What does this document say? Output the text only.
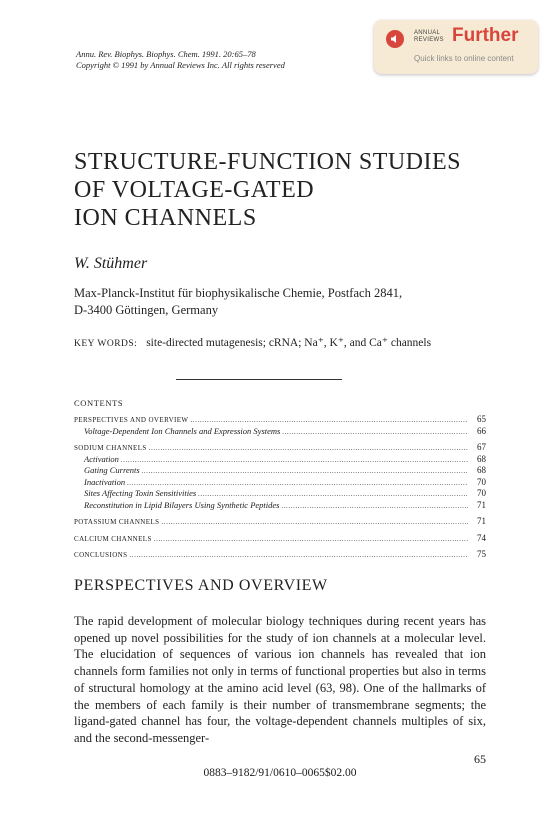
Annu. Rev. Biophys. Biophys. Chem. 1991. 20:65–78
Copyright © 1991 by Annual Reviews Inc. All rights reserved
ANNUAL
REVIEWS Further
Quick links to online content
STRUCTURE-FUNCTION STUDIES
OF VOLTAGE-GATED
ION CHANNELS
W. Stühmer
Max-Planck-Institut für biophysikalische Chemie, Postfach 2841,
D-3400 Göttingen, Germany
KEY WORDS: site-directed mutagenesis; cRNA; Na⁺, K⁺, and Ca⁺ channels
CONTENTS
PERSPECTIVES AND OVERVIEW .....	65
Voltage-Dependent Ion Channels and Expression Systems .....	66
SODIUM CHANNELS .....	67
Activation .....	68
Gating Currents .....	68
Inactivation .....	70
Sites Affecting Toxin Sensitivities .....	70
Reconstitution in Lipid Bilayers Using Synthetic Peptides .....	71
POTASSIUM CHANNELS .....	71
CALCIUM CHANNELS .....	74
CONCLUSIONS .....	75
PERSPECTIVES AND OVERVIEW
The rapid development of molecular biology techniques during recent years has opened up novel possibilities for the study of ion channels at a molecular level. The elucidation of sequences of various ion channels has revealed that ion channels form families not only in terms of functional properties but also in terms of structural homology at the amino acid level (63, 98). One of the hallmarks of the members of each family is their number of transmembrane segments; the ligand-gated channel has four, the voltage-dependent channels multiples of six, and the second-messenger-
65
0883–9182/91/0610–0065$02.00
